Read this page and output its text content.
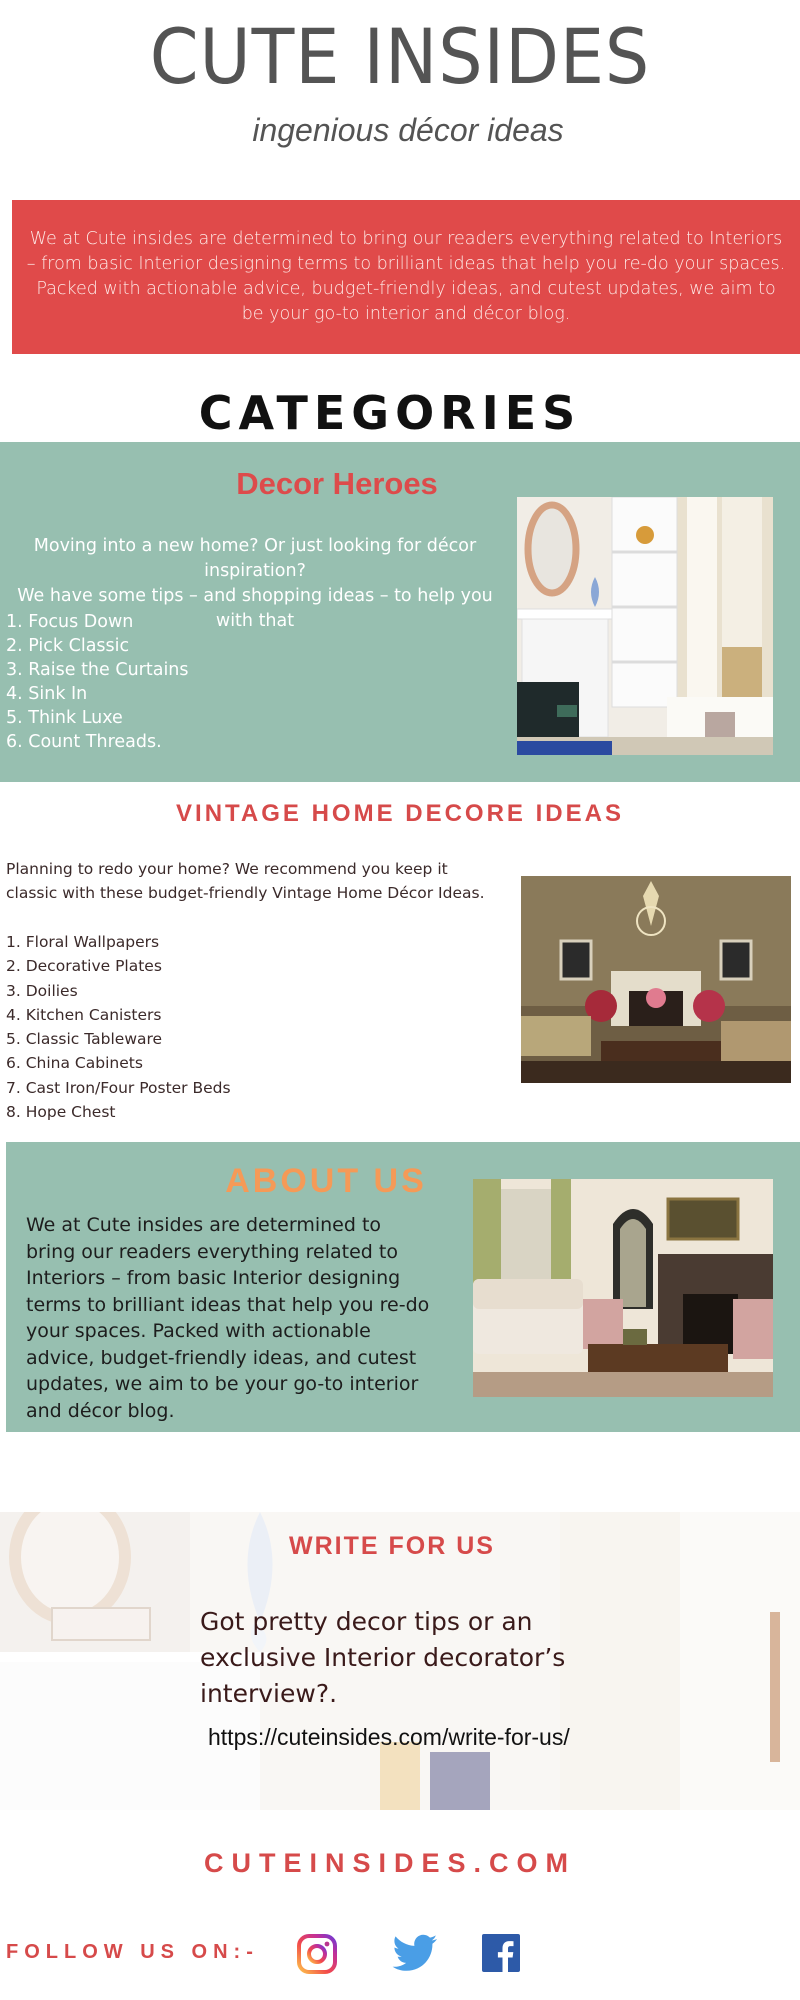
CUTE INSIDES
ingenious décor ideas

We at Cute insides are determined to bring our readers everything related to Interiors – from basic Interior designing terms to brilliant ideas that help you re-do your spaces. Packed with actionable advice, budget-friendly ideas, and cutest updates, we aim to be your go-to interior and décor blog.

CATEGORIES
Decor Heroes
Moving into a new home? Or just looking for décor inspiration?
We have some tips – and shopping ideas – to help you with that
1. Focus Down
2. Pick Classic
3. Raise the Curtains
4. Sink In
5. Think Luxe
6. Count Threads.
VINTAGE HOME DECORE IDEAS

Planning to redo your home? We recommend you keep it classic with these budget-friendly Vintage Home Décor Ideas.

1. Floral Wallpapers
2. Decorative Plates
3. Doilies
4. Kitchen Canisters
5. Classic Tableware
6. China Cabinets
7. Cast Iron/Four Poster Beds
8. Hope Chest
ABOUT US

We at Cute insides are determined to bring our readers everything related to Interiors – from basic Interior designing terms to brilliant ideas that help you re-do your spaces. Packed with actionable advice, budget-friendly ideas, and cutest updates, we aim to be your go-to interior and décor blog.

WRITE FOR US

Got pretty decor tips or an exclusive Interior decorator’s interview?.

https://cuteinsides.com/write-for-us/
CUTEINSIDES.COM
FOLLOW US ON:-
